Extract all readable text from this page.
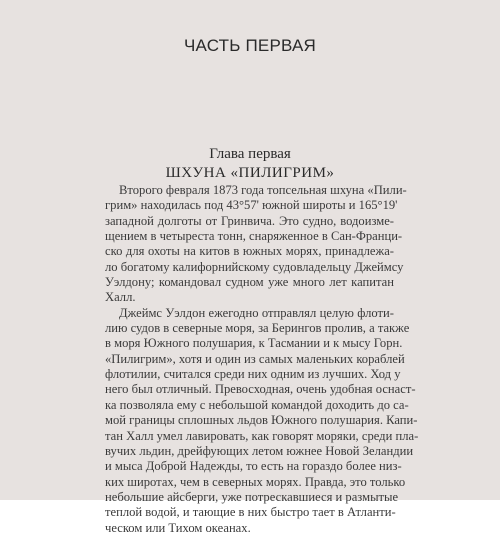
ЧАСТЬ ПЕРВАЯ
Глава первая
ШХУНА «ПИЛИГРИМ»
Второго февраля 1873 года топсельная шхуна «Пили-
грим» находилась под 43°57' южной широты и 165°19'
западной долготы от Гринвича. Это судно, водоизме-
щением в четыреста тонн, снаряженное в Сан-Франци-
ско для охоты на китов в южных морях, принадлежа-
ло богатому калифорнийскому судовладельцу Джеймсу
Уэлдону; командовал судном уже много лет капитан
Халл.
Джеймс Уэлдон ежегодно отправлял целую флоти-
лию судов в северные моря, за Берингов пролив, а также
в моря Южного полушария, к Тасмании и к мысу Горн.
«Пилигрим», хотя и один из самых маленьких кораблей
флотилии, считался среди них одним из лучших. Ход у
него был отличный. Превосходная, очень удобная оснаст-
ка позволяла ему с небольшой командой доходить до са-
мой границы сплошных льдов Южного полушария. Капи-
тан Халл умел лавировать, как говорят моряки, среди пла-
вучих льдин, дрейфующих летом южнее Новой Зеландии
и мыса Доброй Надежды, то есть на гораздо более низ-
ких широтах, чем в северных морях. Правда, это только
небольшие айсберги, уже потрескавшиеся и размытые
теплой водой, и тающие в них быстро тает в Атланти-
ческом или Тихом океанах.
